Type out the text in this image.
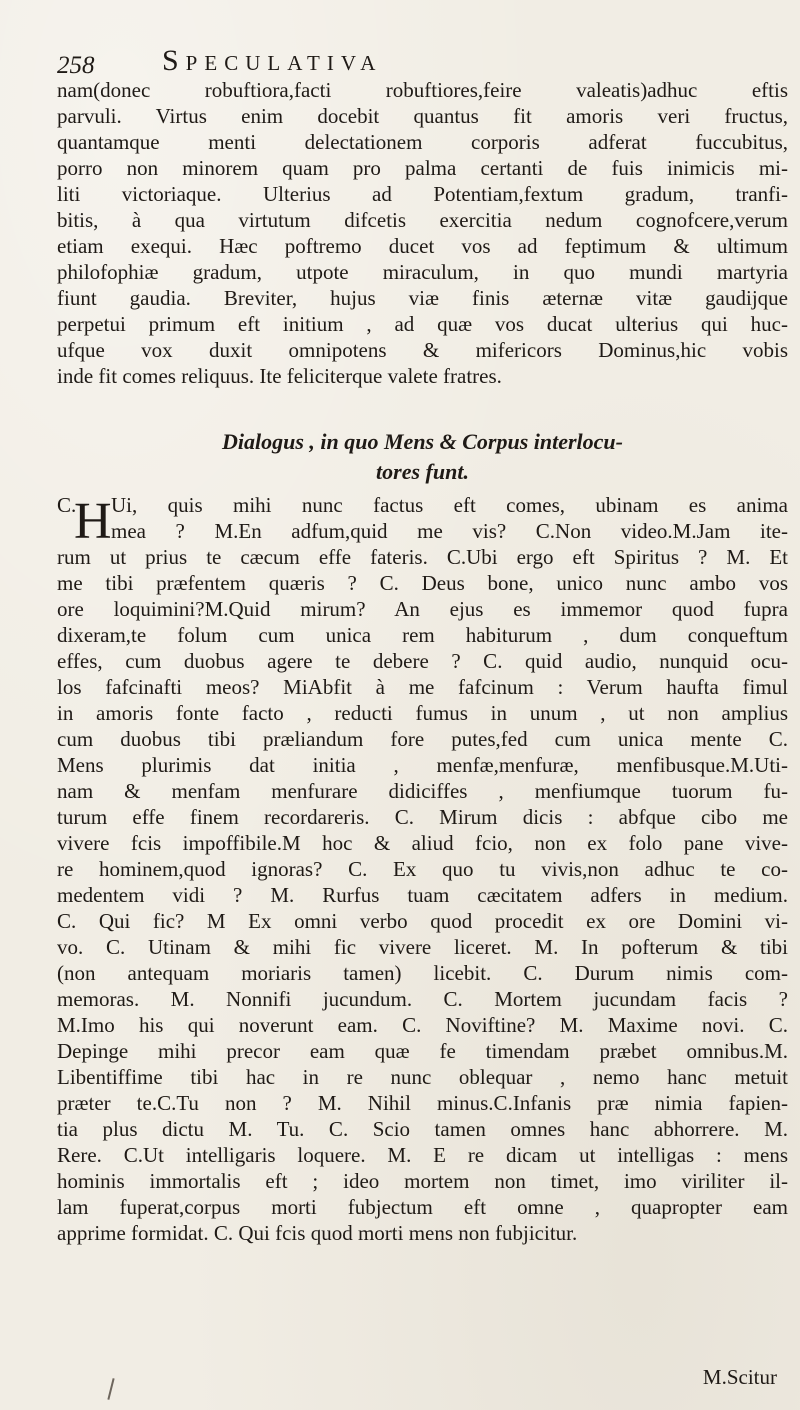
258 Speculativa
nam(donec robuftiora,facti robuftiores,feire valeatis)adhuc eftis
parvuli. Virtus enim docebit quantus fit amoris veri fructus,
quantamque menti delectationem corporis adferat fuccubitus,
porro non minorem quam pro palma certanti de fuis inimicis mi-
liti victoriaque. Ulterius ad Potentiam,fextum gradum, tranfi-
bitis, à qua virtutum difcetis exercitia nedum cognofcere,verum
etiam exequi. Hæc poftremo ducet vos ad feptimum & ultimum
philofophiæ gradum, utpote miraculum, in quo mundi martyria
fiunt gaudia. Breviter, hujus viæ finis æternæ vitæ gaudijque
perpetui primum eft initium , ad quæ vos ducat ulterius qui huc-
ufque vox duxit omnipotens & mifericors Dominus,hic vobis
inde fit comes reliquus. Ite feliciterque valete fratres.
Dialogus , in quo Mens & Corpus interlocu-
tores funt.
C.
H Ui, quis mihi nunc factus eft comes, ubinam es anima
mea ? M.En adfum,quid me vis? C.Non video.M.Jam ite-
rum ut prius te cæcum effe fateris. C.Ubi ergo eft Spiritus ? M. Et
me tibi præfentem quæris ? C. Deus bone, unico nunc ambo vos
ore loquimini?M.Quid mirum? An ejus es immemor quod fupra
dixeram,te folum cum unica rem habiturum , dum conqueftum
effes, cum duobus agere te debere ? C. quid audio, nunquid ocu-
los fafcinafti meos? MiAbfit à me fafcinum : Verum haufta fimul
in amoris fonte facto , reducti fumus in unum , ut non amplius
cum duobus tibi præliandum fore putes,fed cum unica mente C.
Mens plurimis dat initia , menfæ,menfuræ, menfibusque.M.Uti-
nam & menfam menfurare didiciffes , menfiumque tuorum fu-
turum effe finem recordareris. C. Mirum dicis : abfque cibo me
vivere fcis impoffibile.M hoc & aliud fcio, non ex folo pane vive-
re hominem,quod ignoras? C. Ex quo tu vivis,non adhuc te co-
medentem vidi ? M. Rurfus tuam cæcitatem adfers in medium.
C. Qui fic? M Ex omni verbo quod procedit ex ore Domini vi-
vo. C. Utinam & mihi fic vivere liceret. M. In pofterum & tibi
(non antequam moriaris tamen) licebit. C. Durum nimis com-
memoras. M. Nonnifi jucundum. C. Mortem jucundam facis ?
M.Imo his qui noverunt eam. C. Noviftine? M. Maxime novi. C.
Depinge mihi precor eam quæ fe timendam præbet omnibus.M.
Libentiffime tibi hac in re nunc oblequar , nemo hanc metuit
præter te.C.Tu non ? M. Nihil minus.C.Infanis præ nimia fapien-
tia plus dictu M. Tu. C. Scio tamen omnes hanc abhorrere. M.
Rere. C.Ut intelligaris loquere. M. E re dicam ut intelligas : mens
hominis immortalis eft ; ideo mortem non timet, imo viriliter il-
lam fuperat,corpus morti fubjectum eft omne , quapropter eam
apprime formidat. C. Qui fcis quod morti mens non fubjicitur.
M.Scitur
